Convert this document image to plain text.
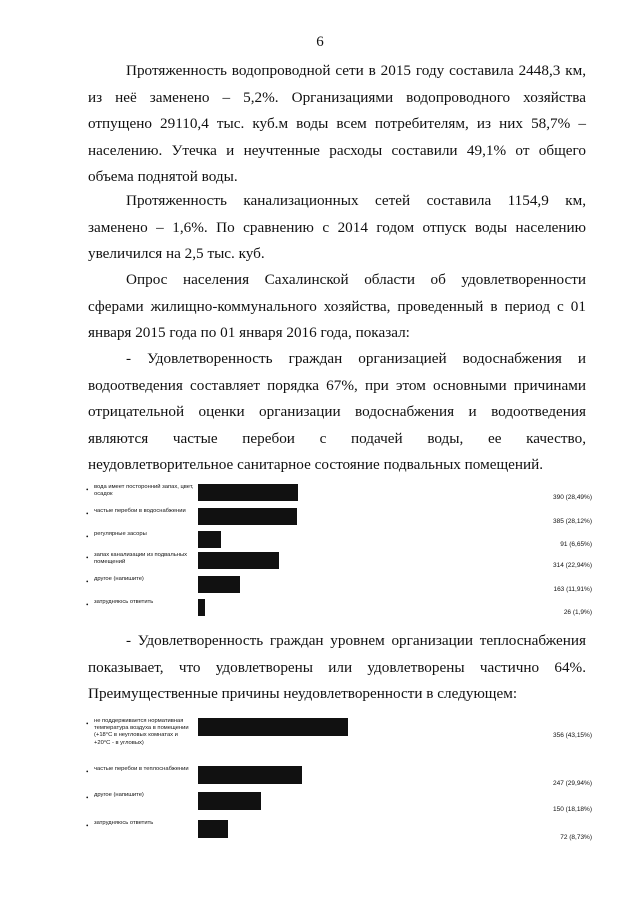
6

Протяженность водопроводной сети в 2015 году составила 2448,3 км, из неё заменено – 5,2%. Организациями водопроводного хозяйства отпущено 29110,4 тыс. куб.м воды всем потребителям, из них 58,7% – населению. Утечка и неучтенные расходы составили 49,1% от общего объема поднятой воды.

Протяженность канализационных сетей составила 1154,9 км, заменено – 1,6%. По сравнению с 2014 годом отпуск воды населению увеличился на 2,5 тыс. куб.

Опрос населения Сахалинской области об удовлетворенности сферами жилищно-коммунального хозяйства, проведенный в период с 01 января 2015 года по 01 января 2016 года, показал:

- Удовлетворенность граждан организацией водоснабжения и водоотведения составляет порядка 67%, при этом основными причинами отрицательной оценки организации водоснабжения и водоотведения являются частые перебои с подачей воды, ее качество, неудовлетворительное санитарное состояние подвальных помещений.

• вода имеет посторонний запах, цвет, осадок	390 (28,49%)
• частые перебои в водоснабжении
385 (28,12%)
• регулярные засоры
91 (6,65%)
• запах канализации из подвальных помещений	314 (22,94%)
• другое (напишите)
163 (11,91%)
• затрудняюсь ответить
26 (1,9%)

- Удовлетворенность граждан уровнем организации теплоснабжения показывает, что удовлетворены или удовлетворены частично 64%. Преимущественные причины неудовлетворенности в следующем:

• не поддерживается нормативная температура воздуха в помещении (+18°С в неугловых комнатах и +20°С - в угловых)
356 (43,15%)
• частые перебои в теплоснабжении
247 (29,94%)
• другое (напишите)
150 (18,18%)
• затрудняюсь ответить
72 (8,73%)
